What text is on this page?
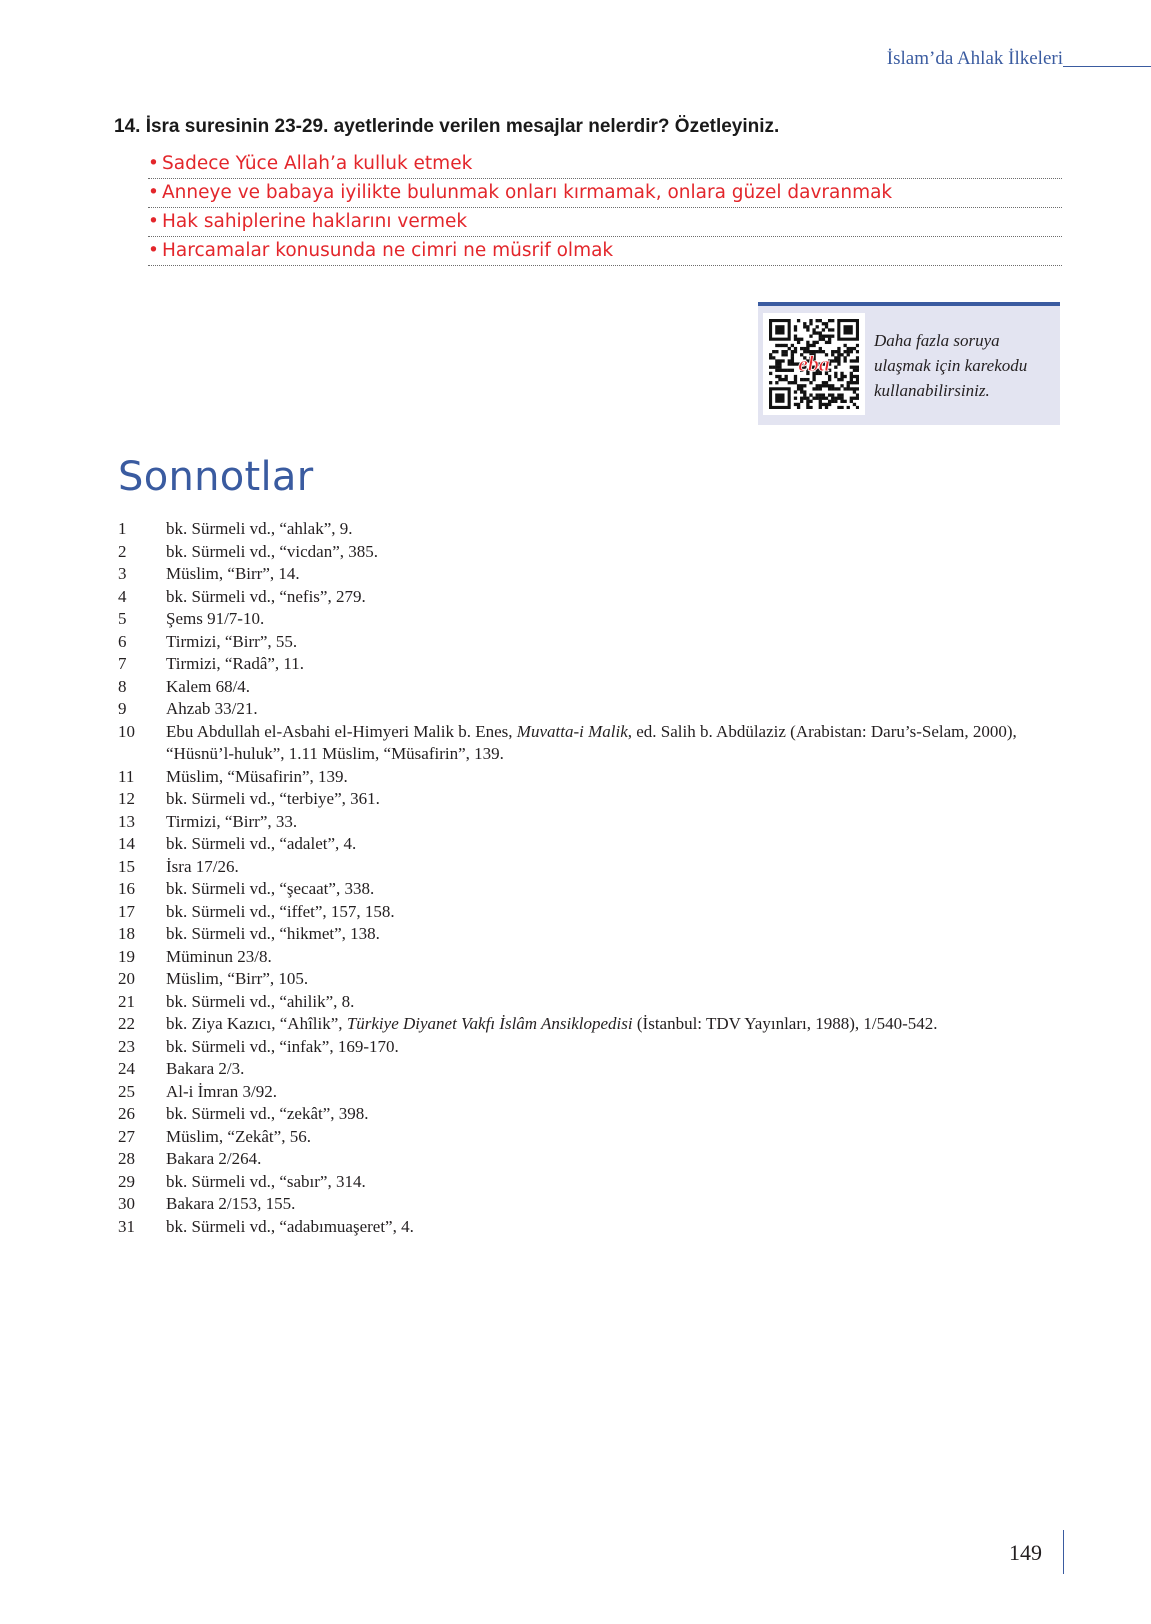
İslam’da Ahlak İlkeleri
14. İsra suresinin 23-29. ayetlerinde verilen mesajlar nelerdir? Özetleyiniz.
• Sadece Yüce Allah’a kulluk etmek
• Anneye ve babaya iyilikte bulunmak onları kırmamak, onlara güzel davranmak
• Hak sahiplerine haklarını vermek
• Harcamalar konusunda ne cimri ne müsrif olmak
eba
Daha fazla soruya
ulaşmak için karekodu
kullanabilirsiniz.
Sonnotlar
1	bk. Sürmeli vd., “ahlak”, 9.
2	bk. Sürmeli vd., “vicdan”, 385.
3	Müslim, “Birr”, 14.
4	bk. Sürmeli vd., “nefis”, 279.
5	Şems 91/7-10.
6	Tirmizi, “Birr”, 55.
7	Tirmizi, “Radâ”, 11.
8	Kalem 68/4.
9	Ahzab 33/21.
10	Ebu Abdullah el-Asbahi el-Himyeri Malik b. Enes, Muvatta-i Malik, ed. Salih b. Abdülaziz (Arabistan: Daru’s-Selam, 2000), “Hüsnü’l-huluk”, 1.11 Müslim, “Müsafirin”, 139.
11	Müslim, “Müsafirin”, 139.
12	bk. Sürmeli vd., “terbiye”, 361.
13	Tirmizi, “Birr”, 33.
14	bk. Sürmeli vd., “adalet”, 4.
15	İsra 17/26.
16	bk. Sürmeli vd., “şecaat”, 338.
17	bk. Sürmeli vd., “iffet”, 157, 158.
18	bk. Sürmeli vd., “hikmet”, 138.
19	Müminun 23/8.
20	Müslim, “Birr”, 105.
21	bk. Sürmeli vd., “ahilik”, 8.
22	bk. Ziya Kazıcı, “Ahîlik”, Türkiye Diyanet Vakfı İslâm Ansiklopedisi (İstanbul: TDV Yayınları, 1988), 1/540-542.
23	bk. Sürmeli vd., “infak”, 169-170.
24	Bakara 2/3.
25	Al-i İmran 3/92.
26	bk. Sürmeli vd., “zekât”, 398.
27	Müslim, “Zekât”, 56.
28	Bakara 2/264.
29	bk. Sürmeli vd., “sabır”, 314.
30	Bakara 2/153, 155.
31	bk. Sürmeli vd., “adabımuaşeret”, 4.
149
